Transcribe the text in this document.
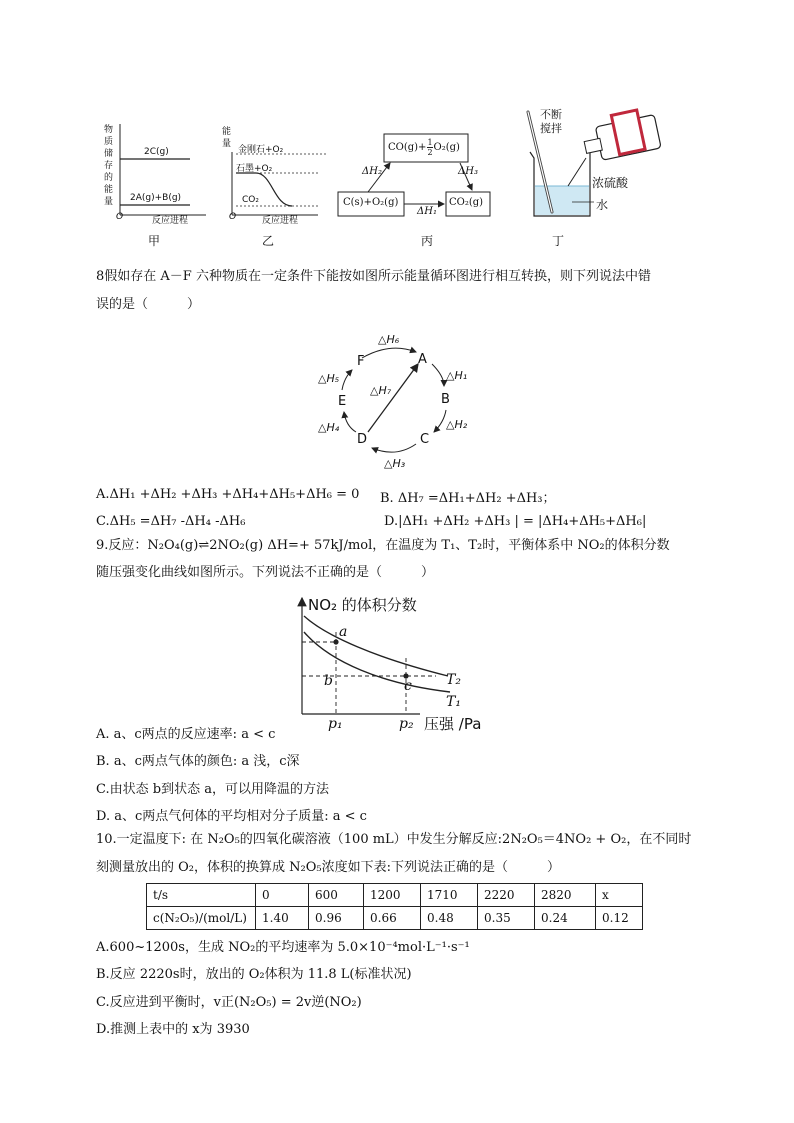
物
质
储
存
的
能
量
2C(g)
2A(g)+B(g)
O	反应进程
甲
能
量
金刚石+O₂
石墨+O₂
CO₂
O	反应进程
乙
$CO(g)+ \frac{1}{2} O_2(g)$
C(s)+O₂(g)	CO₂(g)
ΔH₂	ΔH₃
ΔH₁
丙
不断
搅拌
浓硫酸
水
丁
8假如存在 A－F 六种物质在一定条件下能按如图所示能量循环图进行相互转换，则下列说法中错
误的是（　　　）
A
B
C
D
E
F
△H₆
△H₁
△H₂
△H₃
△H₄
△H₅
△H₇
A.ΔH₁ +ΔH₂ +ΔH₃ +ΔH₄+ΔH₅+ΔH₆ = 0 B. ΔH₇ =ΔH₁+ΔH₂ +ΔH₃；
C.ΔH₅ =ΔH₇ -ΔH₄ -ΔH₆	D.|ΔH₁ +ΔH₂ +ΔH₃ | = |ΔH₄+ΔH₅+ΔH₆|
9.反应：N₂O₄(g)⇌2NO₂(g) ΔH=+ 57kJ/mol，在温度为 T₁、T₂时，平衡体系中 NO₂的体积分数
随压强变化曲线如图所示。下列说法不正确的是（　　　）
NO₂ 的体积分数
a
b	c T₂
T₁
p₁	p₂ 压强 /Pa
A. a、c两点的反应速率: a < c
B. a、c两点气体的颜色: a 浅，c深
C.由状态 b到状态 a，可以用降温的方法
D. a、c两点气何体的平均相对分子质量: a < c
10.一定温度下: 在 N₂O₅的四氧化碳溶液（100 mL）中发生分解反应:2N₂O₅＝4NO₂ + O₂，在不同时
刻测量放出的 O₂，体积的换算成 N₂O₅浓度如下表:下列说法正确的是（　　　）
t/s	0	600	1200	1710	2220	2820	x
c(N₂O₅)/(mol/L)	1.40	0.96	0.66	0.48	0.35	0.24	0.12
A.600~1200s，生成 NO₂的平均速率为 5.0×10⁻⁴mol·L⁻¹·s⁻¹
B.反应 2220s时，放出的 O₂体积为 11.8 L(标准状况)
C.反应进到平衡时，v正(N₂O₅) = 2v逆(NO₂)
D.推测上表中的 x为 3930
